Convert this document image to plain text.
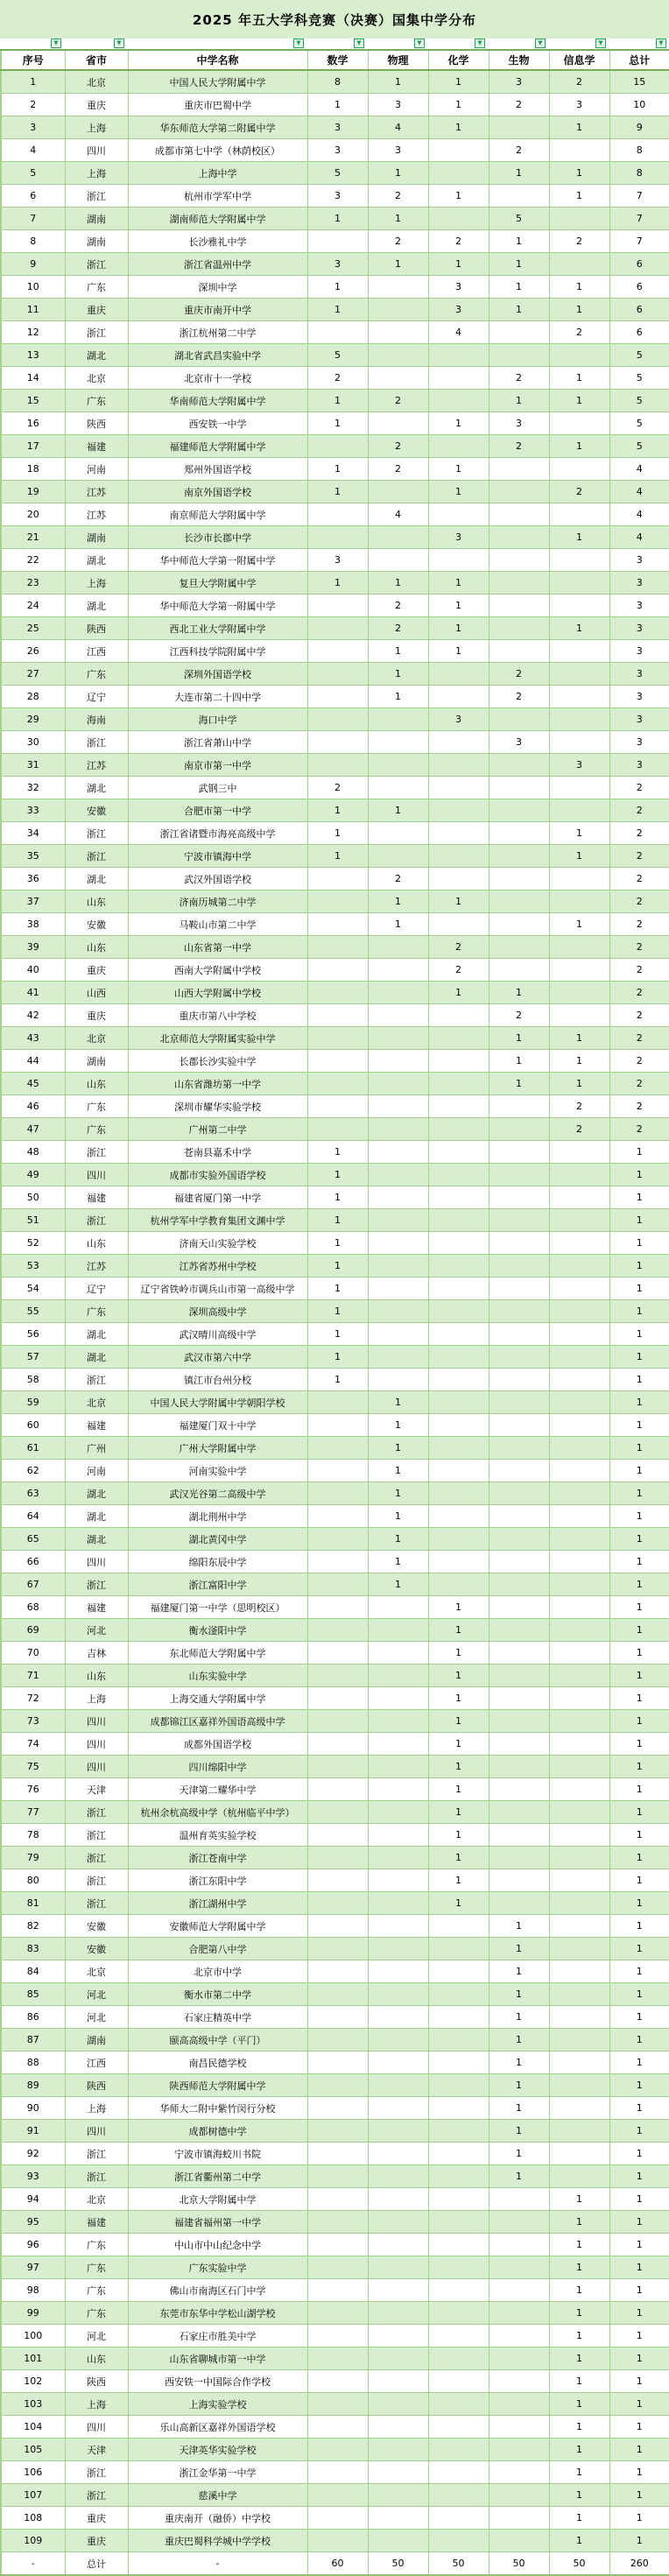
2025 年五大学科竞赛（决赛）国集中学分布
▼	▼	▼	▼	▼	▼	▼	▼	▼
序号	省市	中学名称	数学	物理	化学	生物	信息学	总计
1	北京	中国人民大学附属中学	8	1	1	3	2	15
2	重庆	重庆市巴蜀中学	1	3	1	2	3	10
3	上海	华东师范大学第二附属中学	3	4	1		1	9
4	四川	成都市第七中学（林荫校区）	3	3		2		8
5	上海	上海中学	5	1		1	1	8
6	浙江	杭州市学军中学	3	2	1		1	7
7	湖南	湖南师范大学附属中学	1	1		5		7
8	湖南	长沙雅礼中学		2	2	1	2	7
9	浙江	浙江省温州中学	3	1	1	1		6
10	广东	深圳中学	1		3	1	1	6
11	重庆	重庆市南开中学	1		3	1	1	6
12	浙江	浙江杭州第二中学			4		2	6
13	湖北	湖北省武昌实验中学	5					5
14	北京	北京市十一学校	2			2	1	5
15	广东	华南师范大学附属中学	1	2		1	1	5
16	陕西	西安铁一中学	1		1	3		5
17	福建	福建师范大学附属中学		2		2	1	5
18	河南	郑州外国语学校	1	2	1			4
19	江苏	南京外国语学校	1		1		2	4
20	江苏	南京师范大学附属中学		4				4
21	湖南	长沙市长郡中学			3		1	4
22	湖北	华中师范大学第一附属中学	3					3
23	上海	复旦大学附属中学	1	1	1			3
24	湖北	华中师范大学第一附属中学		2	1			3
25	陕西	西北工业大学附属中学		2	1		1	3
26	江西	江西科技学院附属中学		1	1			3
27	广东	深圳外国语学校		1		2		3
28	辽宁	大连市第二十四中学		1		2		3
29	海南	海口中学			3			3
30	浙江	浙江省萧山中学				3		3
31	江苏	南京市第一中学					3	3
32	湖北	武钢三中	2					2
33	安徽	合肥市第一中学	1	1				2
34	浙江	浙江省诸暨市海亮高级中学	1				1	2
35	浙江	宁波市镇海中学	1				1	2
36	湖北	武汉外国语学校		2				2
37	山东	济南历城第二中学		1	1			2
38	安徽	马鞍山市第二中学		1			1	2
39	山东	山东省第一中学			2			2
40	重庆	西南大学附属中学校			2			2
41	山西	山西大学附属中学校			1	1		2
42	重庆	重庆市第八中学校				2		2
43	北京	北京师范大学附属实验中学				1	1	2
44	湖南	长郡长沙实验中学				1	1	2
45	山东	山东省潍坊第一中学				1	1	2
46	广东	深圳市耀华实验学校					2	2
47	广东	广州第二中学					2	2
48	浙江	苍南县嘉禾中学	1					1
49	四川	成都市实验外国语学校	1					1
50	福建	福建省厦门第一中学	1					1
51	浙江	杭州学军中学教育集团文渊中学	1					1
52	山东	济南天山实验学校	1					1
53	江苏	江苏省苏州中学校	1					1
54	辽宁	辽宁省铁岭市调兵山市第一高级中学	1					1
55	广东	深圳高级中学	1					1
56	湖北	武汉晴川高级中学	1					1
57	湖北	武汉市第六中学	1					1
58	浙江	镇江市台州分校	1					1
59	北京	中国人民大学附属中学朝阳学校		1				1
60	福建	福建厦门双十中学		1				1
61	广州	广州大学附属中学		1				1
62	河南	河南实验中学		1				1
63	湖北	武汉光谷第二高级中学		1				1
64	湖北	湖北荆州中学		1				1
65	湖北	湖北黄冈中学		1				1
66	四川	绵阳东辰中学		1				1
67	浙江	浙江富阳中学		1				1
68	福建	福建厦门第一中学（思明校区）			1			1
69	河北	衡水滏阳中学			1			1
70	吉林	东北师范大学附属中学			1			1
71	山东	山东实验中学			1			1
72	上海	上海交通大学附属中学			1			1
73	四川	成都锦江区嘉祥外国语高级中学			1			1
74	四川	成都外国语学校			1			1
75	四川	四川绵阳中学			1			1
76	天津	天津第二耀华中学			1			1
77	浙江	杭州余杭高级中学（杭州临平中学）			1			1
78	浙江	温州育英实验学校			1			1
79	浙江	浙江苍南中学			1			1
80	浙江	浙江东阳中学			1			1
81	浙江	浙江湖州中学			1			1
82	安徽	安徽师范大学附属中学				1		1
83	安徽	合肥第八中学				1		1
84	北京	北京市中学				1		1
85	河北	衡水市第二中学				1		1
86	河北	石家庄精英中学				1		1
87	湖南	颐高高级中学（平门）				1		1
88	江西	南昌民德学校				1		1
89	陕西	陕西师范大学附属中学				1		1
90	上海	华师大二附中紫竹闵行分校				1		1
91	四川	成都树德中学				1		1
92	浙江	宁波市镇海蛟川书院				1		1
93	浙江	浙江省衢州第二中学				1		1
94	北京	北京大学附属中学					1	1
95	福建	福建省福州第一中学					1	1
96	广东	中山市中山纪念中学					1	1
97	广东	广东实验中学					1	1
98	广东	佛山市南海区石门中学					1	1
99	广东	东莞市东华中学松山湖学校					1	1
100	河北	石家庄市胜美中学					1	1
101	山东	山东省聊城市第一中学					1	1
102	陕西	西安铁一中国际合作学校					1	1
103	上海	上海实验学校					1	1
104	四川	乐山高新区嘉祥外国语学校					1	1
105	天津	天津英华实验学校					1	1
106	浙江	浙江金华第一中学					1	1
107	浙江	慈溪中学					1	1
108	重庆	重庆南开（融侨）中学校					1	1
109	重庆	重庆巴蜀科学城中学学校					1	1
-	总计	-	60	50	50	50	50	260
